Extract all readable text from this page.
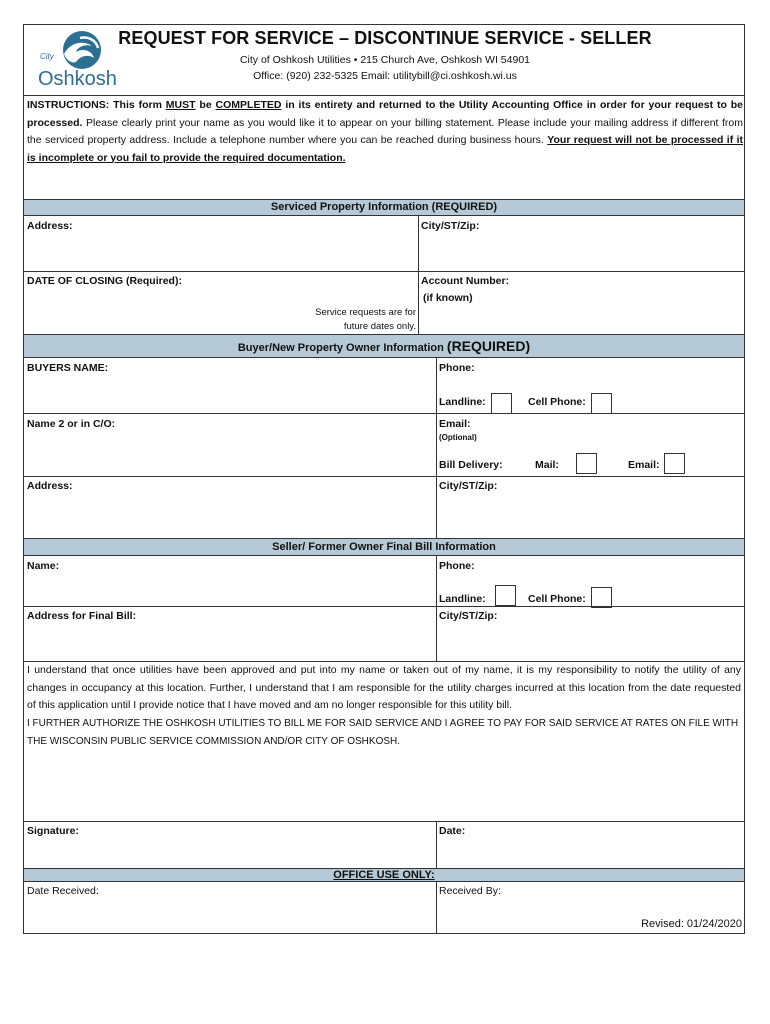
City
Oshkosh
REQUEST FOR SERVICE – DISCONTINUE SERVICE - SELLER
City of Oshkosh Utilities • 215 Church Ave, Oshkosh WI 54901
Office: (920) 232-5325 Email: utilitybill@ci.oshkosh.wi.us
INSTRUCTIONS: This form MUST be COMPLETED in its entirety and returned to the Utility Accounting Office in order for your request to be processed. Please clearly print your name as you would like it to appear on your billing statement. Please include your mailing address if different from the serviced property address. Include a telephone number where you can be reached during business hours. Your request will not be processed if it is incomplete or you fail to provide the required documentation.
Serviced Property Information (REQUIRED)
Address:	City/ST/Zip:
DATE OF CLOSING (Required):	Account Number:
(if known)
Service requests are for
future dates only.
Buyer/New Property Owner Information (REQUIRED)
BUYERS NAME:	Phone:
Landline:	Cell Phone:
Name 2 or in C/O:	Email:
(Optional)
Bill Delivery:	Mail:	Email:
Address:	City/ST/Zip:
Seller/ Former Owner Final Bill Information
Name:	Phone:
Landline:	Cell Phone:
Address for Final Bill:	City/ST/Zip:
I understand that once utilities have been approved and put into my name or taken out of my name, it is my responsibility to notify the utility of any changes in occupancy at this location. Further, I understand that I am responsible for the utility charges incurred at this location from the date requested of this application until I provide notice that I have moved and am no longer responsible for this utility bill.
I FURTHER AUTHORIZE THE OSHKOSH UTILITIES TO BILL ME FOR SAID SERVICE AND I AGREE TO PAY FOR SAID SERVICE AT RATES ON FILE WITH THE WISCONSIN PUBLIC SERVICE COMMISSION AND/OR CITY OF OSHKOSH.
Signature:	Date:
OFFICE USE ONLY:
Date Received:	Received By:
Revised: 01/24/2020
